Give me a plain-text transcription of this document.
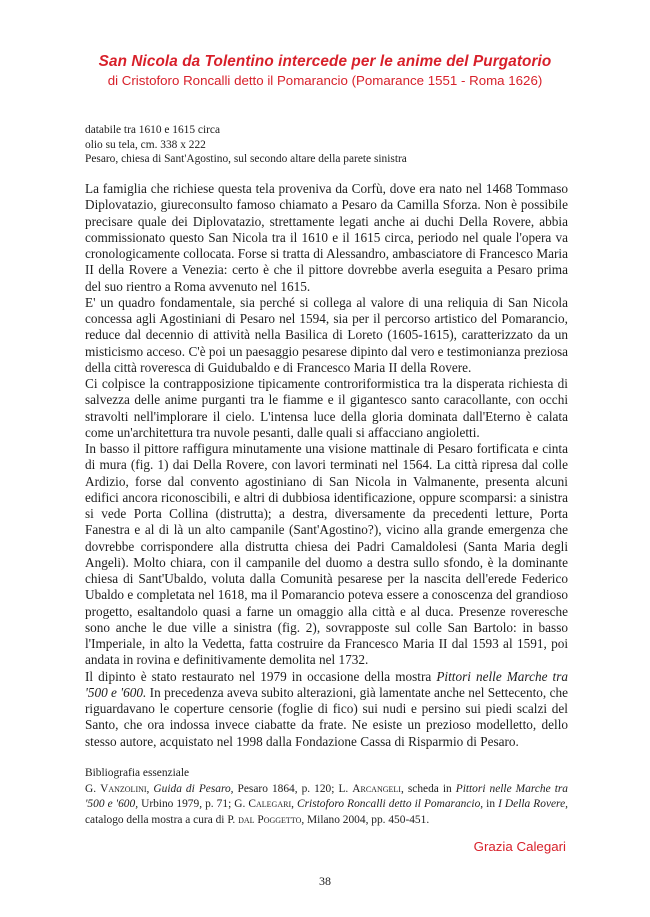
San Nicola da Tolentino intercede per le anime del Purgatorio
di Cristoforo Roncalli detto il Pomarancio (Pomarance 1551 - Roma 1626)
databile tra 1610 e 1615 circa
olio su tela, cm. 338 x 222
Pesaro, chiesa di Sant'Agostino, sul secondo altare della parete sinistra

La famiglia che richiese questa tela proveniva da Corfù, dove era nato nel 1468 Tommaso Diplovatazio, giureconsulto famoso chiamato a Pesaro da Camilla Sforza. Non è possibile precisare quale dei Diplovatazio, strettamente legati anche ai duchi Della Rovere, abbia commissionato questo San Nicola tra il 1610 e il 1615 circa, periodo nel quale l'opera va cronologicamente collocata. Forse si tratta di Alessandro, ambasciatore di Francesco Maria II della Rovere a Venezia: certo è che il pittore dovrebbe averla eseguita a Pesaro prima del suo rientro a Roma avvenuto nel 1615.

E' un quadro fondamentale, sia perché si collega al valore di una reliquia di San Nicola concessa agli Agostiniani di Pesaro nel 1594, sia per il percorso artistico del Pomarancio, reduce dal decennio di attività nella Basilica di Loreto (1605-1615), caratterizzato da un misticismo acceso. C'è poi un paesaggio pesarese dipinto dal vero e testimonianza preziosa della città roveresca di Guidubaldo e di Francesco Maria II della Rovere.

Ci colpisce la contrapposizione tipicamente controriformistica tra la disperata richiesta di salvezza delle anime purganti tra le fiamme e il gigantesco santo caracollante, con occhi stravolti nell'implorare il cielo. L'intensa luce della gloria dominata dall'Eterno è calata come un'architettura tra nuvole pesanti, dalle quali si affacciano angioletti.

In basso il pittore raffigura minutamente una visione mattinale di Pesaro fortificata e cinta di mura (fig. 1) dai Della Rovere, con lavori terminati nel 1564. La città ripresa dal colle Ardizio, forse dal convento agostiniano di San Nicola in Valmanente, presenta alcuni edifici ancora riconoscibili, e altri di dubbiosa identificazione, oppure scomparsi: a sinistra si vede Porta Collina (distrutta); a destra, diversamente da precedenti letture, Porta Fanestra e al di là un alto campanile (Sant'Agostino?), vicino alla grande emergenza che dovrebbe corrispondere alla distrutta chiesa dei Padri Camaldolesi (Santa Maria degli Angeli). Molto chiara, con il campanile del duomo a destra sullo sfondo, è la dominante chiesa di Sant'Ubaldo, voluta dalla Comunità pesarese per la nascita dell'erede Federico Ubaldo e completata nel 1618, ma il Pomarancio poteva essere a conoscenza del grandioso progetto, esaltandolo quasi a farne un omaggio alla città e al duca. Presenze roveresche sono anche le due ville a sinistra (fig. 2), sovrapposte sul colle San Bartolo: in basso l'Imperiale, in alto la Vedetta, fatta costruire da Francesco Maria II dal 1593 al 1591, poi andata in rovina e definitivamente demolita nel 1732.

Il dipinto è stato restaurato nel 1979 in occasione della mostra Pittori nelle Marche tra '500 e '600. In precedenza aveva subito alterazioni, già lamentate anche nel Settecento, che riguardavano le coperture censorie (foglie di fico) sui nudi e persino sui piedi scalzi del Santo, che ora indossa invece ciabatte da frate. Ne esiste un prezioso modelletto, dello stesso autore, acquistato nel 1998 dalla Fondazione Cassa di Risparmio di Pesaro.

Bibliografia essenziale

G. Vanzolini, Guida di Pesaro, Pesaro 1864, p. 120; L. Arcangeli, scheda in Pittori nelle Marche tra '500 e '600, Urbino 1979, p. 71; G. Calegari, Cristoforo Roncalli detto il Pomarancio, in I Della Rovere, catalogo della mostra a cura di P. dal Poggetto, Milano 2004, pp. 450-451.

Grazia Calegari
38
